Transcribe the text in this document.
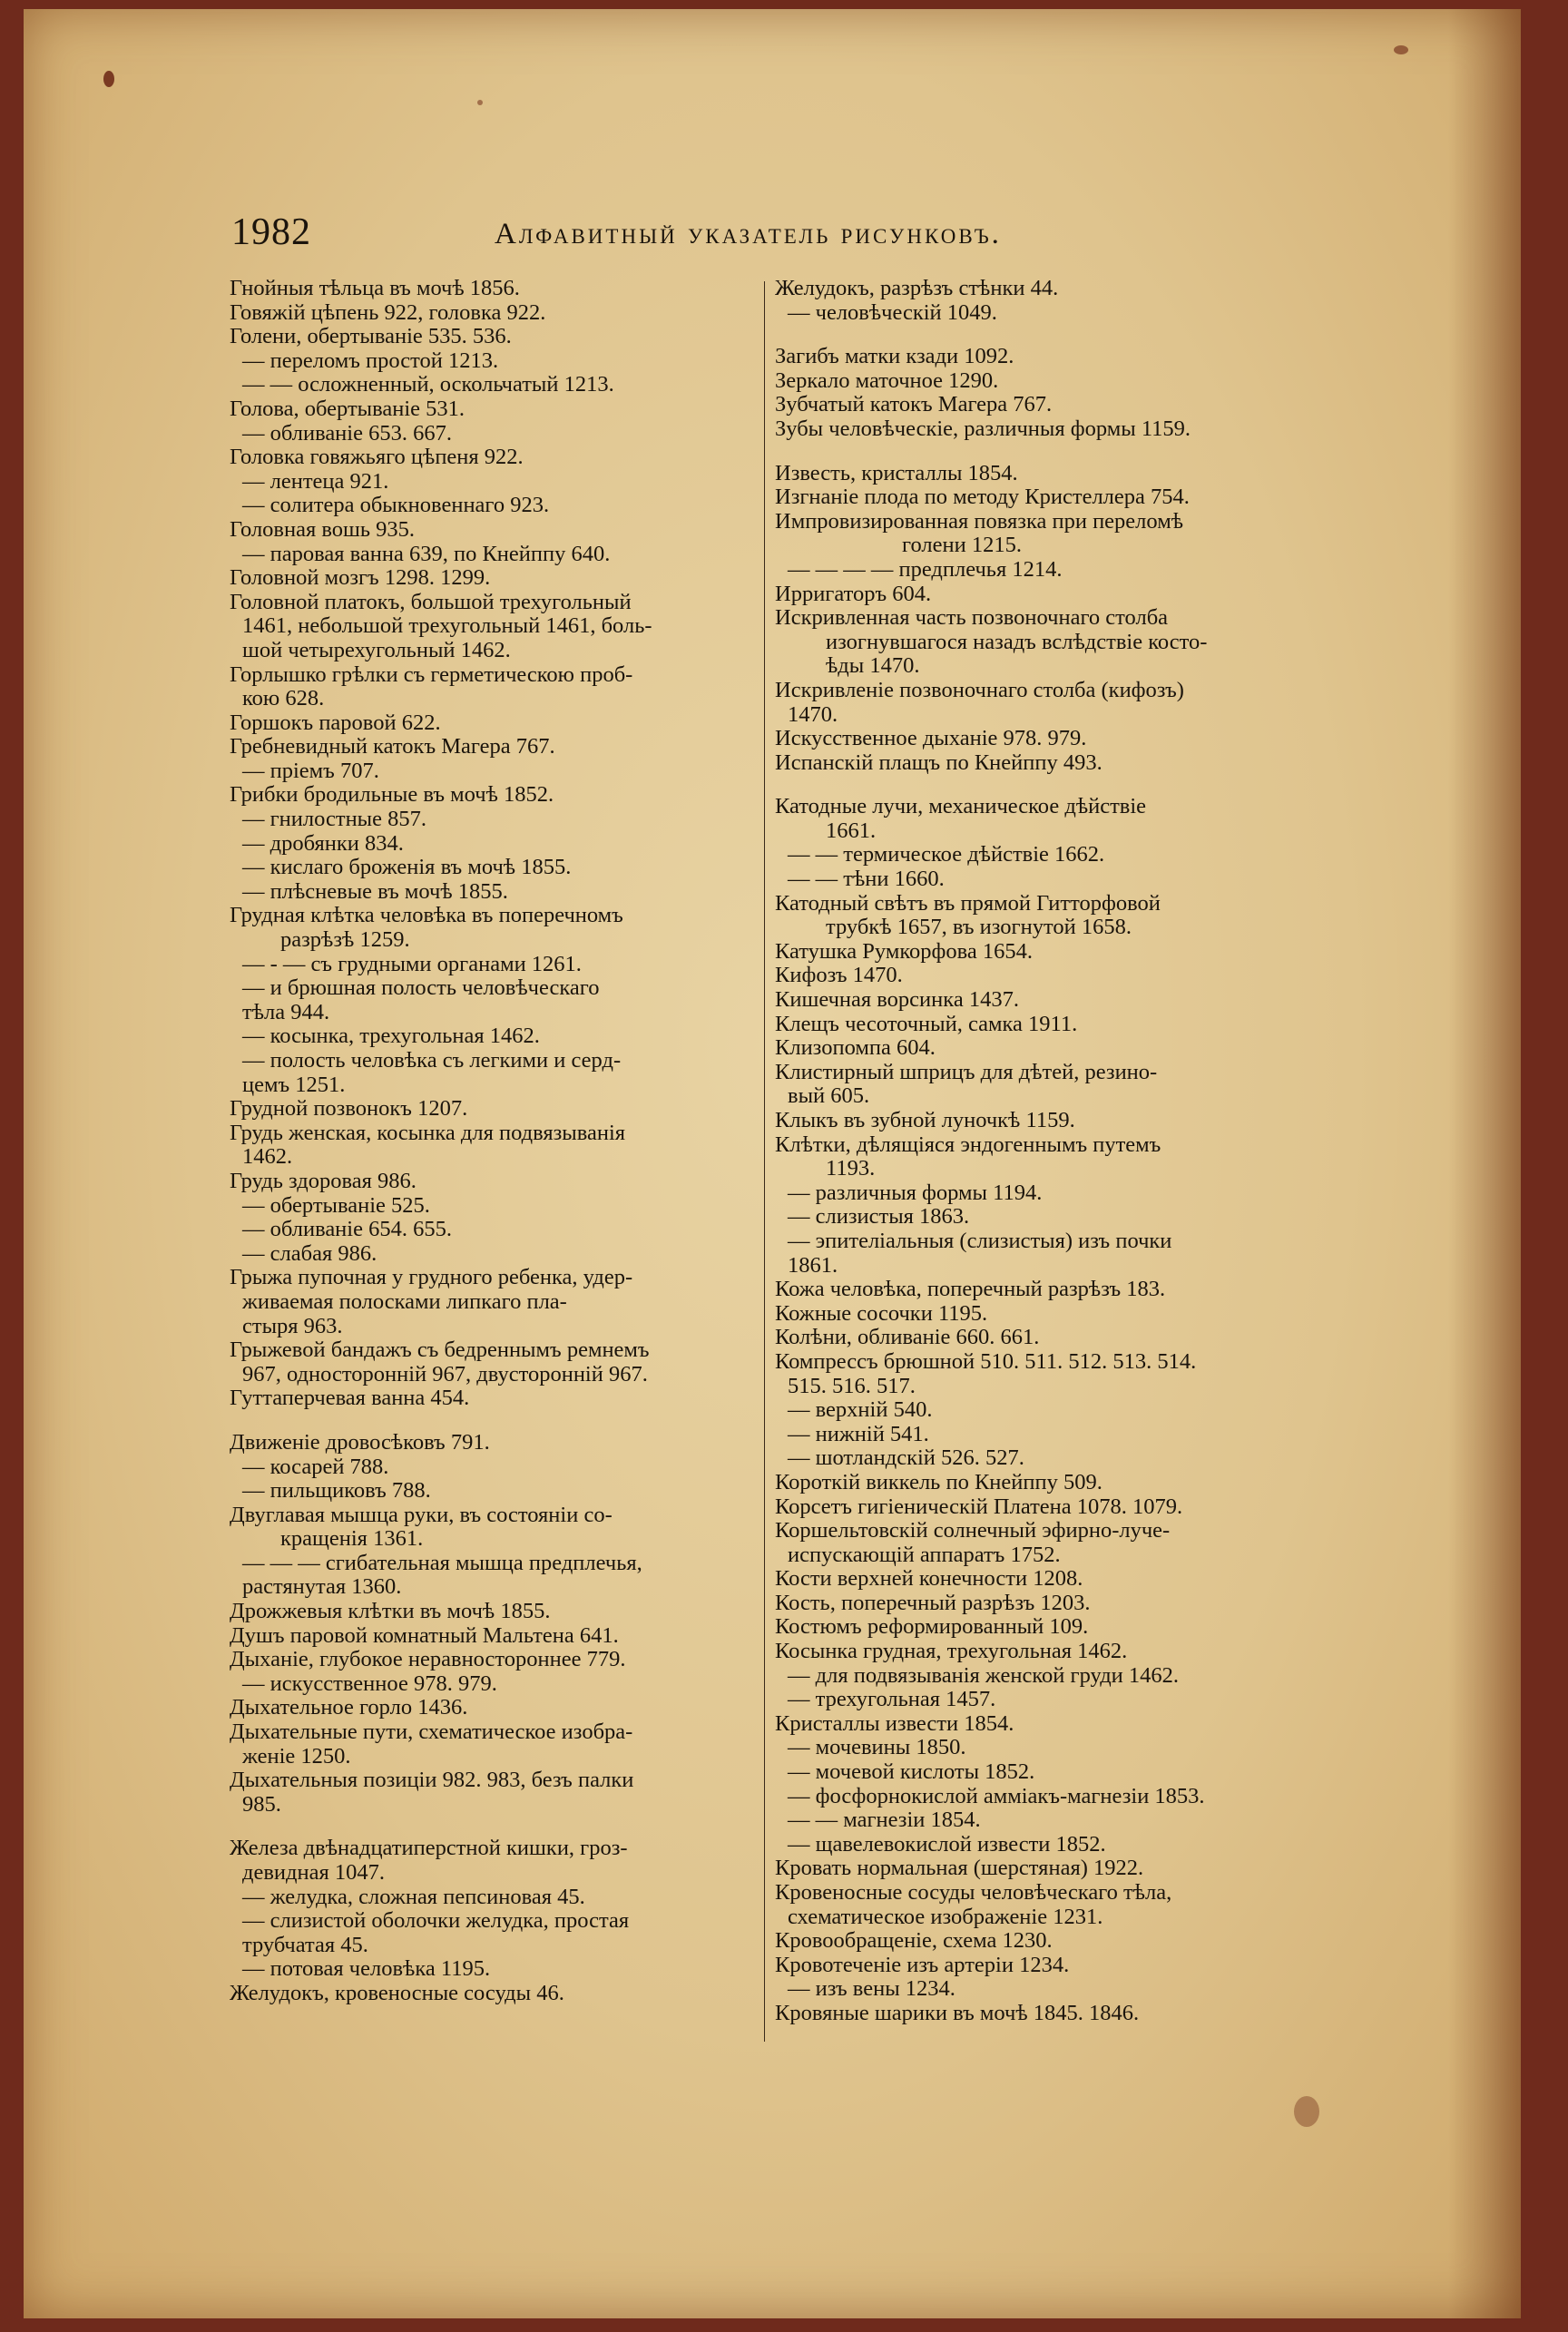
1982	Алфавитный указатель рисунковъ.
Гнойныя тѣльца въ мочѣ 1856.
Говяжій цѣпень 922, головка 922.
Голени, обертываніе 535. 536.
— переломъ простой 1213.
— — осложненный, оскольчатый 1213.
Голова, обертываніе 531.
— обливаніе 653. 667.
Головка говяжьяго цѣпеня 922.
— лентеца 921.
— солитера обыкновеннаго 923.
Головная вошь 935.
— паровая ванна 639, по Кнейппу 640.
Головной мозгъ 1298. 1299.
Головной платокъ, большой трехугольный
1461, небольшой трехугольный 1461, боль-
шой четырехугольный 1462.
Горлышко грѣлки съ герметическою проб-
кою 628.
Горшокъ паровой 622.
Гребневидный катокъ Магера 767.
— пріемъ 707.
Грибки бродильные въ мочѣ 1852.
— гнилостные 857.
— дробянки 834.
— кислаго броженія въ мочѣ 1855.
— плѣсневые въ мочѣ 1855.
Грудная клѣтка человѣка въ поперечномъ
разрѣзѣ 1259.
— - — съ грудными органами 1261.
— и брюшная полость человѣческаго
тѣла 944.
— косынка, трехугольная 1462.
— полость человѣка съ легкими и серд-
цемъ 1251.
Грудной позвонокъ 1207.
Грудь женская, косынка для подвязыванія
1462.
Грудь здоровая 986.
— обертываніе 525.
— обливаніе 654. 655.
— слабая 986.
Грыжа пупочная у грудного ребенка, удер-
живаемая полосками липкаго пла-
стыря 963.
Грыжевой бандажъ съ бедреннымъ ремнемъ
967, односторонній 967, двусторонній 967.
Гуттаперчевая ванна 454.
Движеніе дровосѣковъ 791.
— косарей 788.
— пильщиковъ 788.
Двуглавая мышца руки, въ состояніи со-
кращенія 1361.
— — — сгибательная мышца предплечья,
растянутая 1360.
Дрожжевыя клѣтки въ мочѣ 1855.
Душъ паровой комнатный Мальтена 641.
Дыханіе, глубокое неравностороннее 779.
— искусственное 978. 979.
Дыхательное горло 1436.
Дыхательные пути, схематическое изобра-
женіе 1250.
Дыхательныя позиціи 982. 983, безъ палки
985.
Железа двѣнадцатиперстной кишки, гроз-
девидная 1047.
— желудка, сложная пепсиновая 45.
— слизистой оболочки желудка, простая
трубчатая 45.
— потовая человѣка 1195.
Желудокъ, кровеносные сосуды 46.
Желудокъ, разрѣзъ стѣнки 44.
— человѣческій 1049.
Загибъ матки кзади 1092.
Зеркало маточное 1290.
Зубчатый катокъ Магера 767.
Зубы человѣческіе, различныя формы 1159.
Известь, кристаллы 1854.
Изгнаніе плода по методу Кристеллера 754.
Импровизированная повязка при переломѣ
голени 1215.
— — — — предплечья 1214.
Ирригаторъ 604.
Искривленная часть позвоночнаго столба
изогнувшагося назадъ вслѣдствіе косто-
ѣды 1470.
Искривленіе позвоночнаго столба (кифозъ)
1470.
Искусственное дыханіе 978. 979.
Испанскій плащъ по Кнейппу 493.
Катодные лучи, механическое дѣйствіе
1661.
— — термическое дѣйствіе 1662.
— — тѣни 1660.
Катодный свѣтъ въ прямой Гитторфовой
трубкѣ 1657, въ изогнутой 1658.
Катушка Румкорфова 1654.
Кифозъ 1470.
Кишечная ворсинка 1437.
Клещъ чесоточный, самка 1911.
Клизопомпа 604.
Клистирный шприцъ для дѣтей, резино-
вый 605.
Клыкъ въ зубной луночкѣ 1159.
Клѣтки, дѣлящіяся эндогеннымъ путемъ
1193.
— различныя формы 1194.
— слизистыя 1863.
— эпителіальныя (слизистыя) изъ почки
1861.
Кожа человѣка, поперечный разрѣзъ 183.
Кожные сосочки 1195.
Колѣни, обливаніе 660. 661.
Компрессъ брюшной 510. 511. 512. 513. 514.
515. 516. 517.
— верхній 540.
— нижній 541.
— шотландскій 526. 527.
Короткій виккель по Кнейппу 509.
Корсетъ гигіеническій Платена 1078. 1079.
Коршельтовскій солнечный эфирно-луче-
испускающій аппаратъ 1752.
Кости верхней конечности 1208.
Кость, поперечный разрѣзъ 1203.
Костюмъ реформированный 109.
Косынка грудная, трехугольная 1462.
— для подвязыванія женской груди 1462.
— трехугольная 1457.
Кристаллы извести 1854.
— мочевины 1850.
— мочевой кислоты 1852.
— фосфорнокислой аммiакъ-магнезiи 1853.
— — магнезіи 1854.
— щавелевокислой извести 1852.
Кровать нормальная (шерстяная) 1922.
Кровеносные сосуды человѣческаго тѣла,
схематическое изображеніе 1231.
Кровообращеніе, схема 1230.
Кровотеченіе изъ артеріи 1234.
— изъ вены 1234.
Кровяные шарики въ мочѣ 1845. 1846.
